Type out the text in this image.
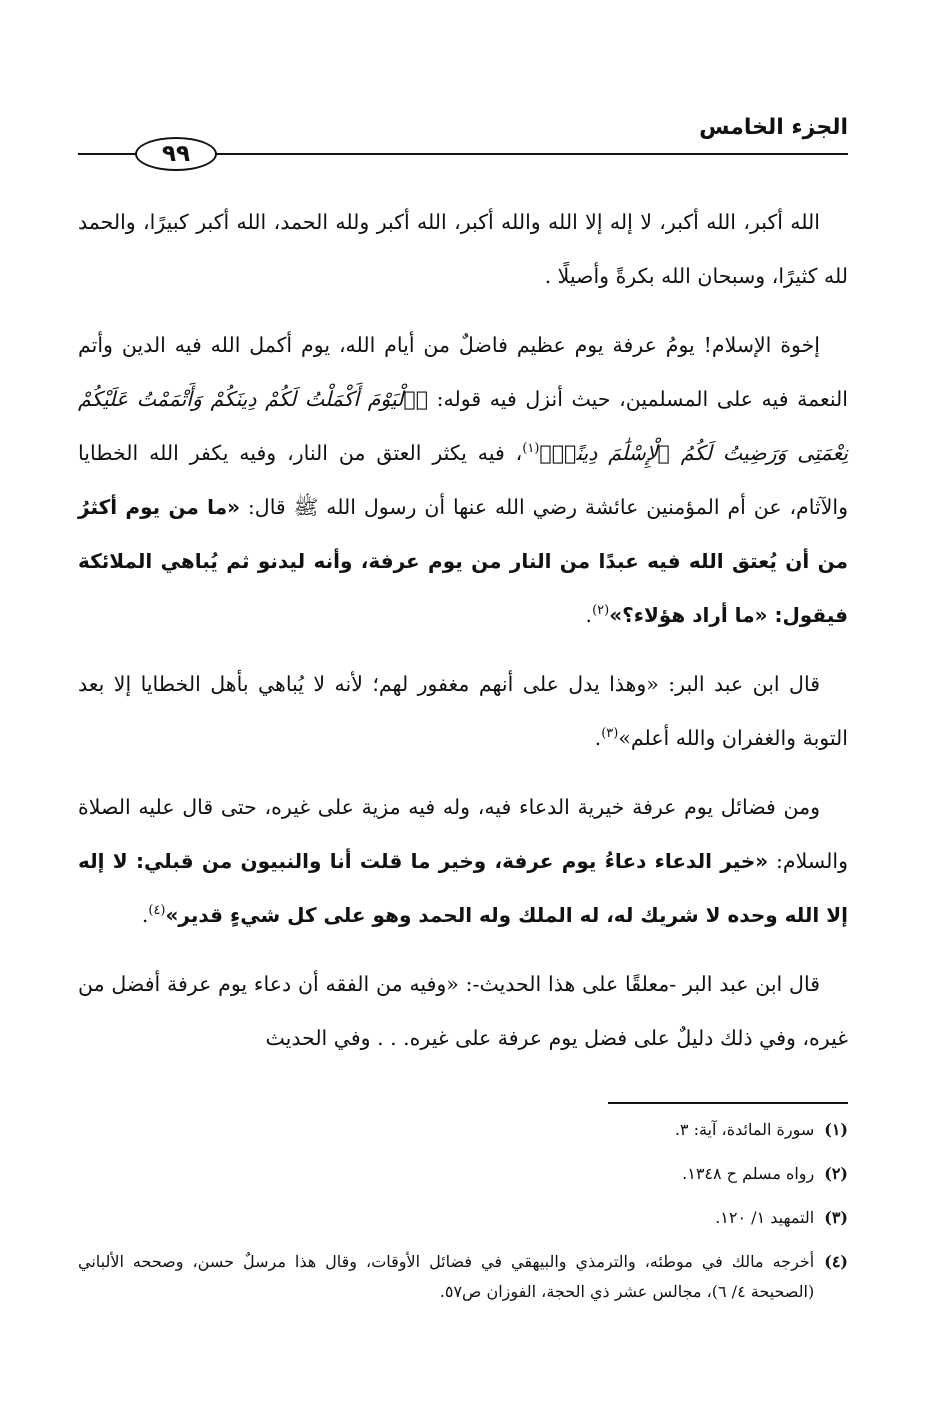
الجزء الخامس
٩٩

الله أكبر، الله أكبر، لا إله إلا الله والله أكبر، الله أكبر ولله الحمد، الله أكبر كبيرًا، والحمد لله كثيرًا، وسبحان الله بكرةً وأصيلًا .

إخوة الإسلام! يومُ عرفة يوم عظيم فاضلٌ من أيام الله، يوم أكمل الله فيه الدين وأتم النعمة فيه على المسلمين، حيث أنزل فيه قوله: ﴿ٱلْيَوْمَ أَكْمَلْتُ لَكُمْ دِينَكُمْ وَأَتْمَمْتُ عَلَيْكُمْ نِعْمَتِى وَرَضِيتُ لَكُمُ ٱلْإِسْلَٰمَ دِينًاۚ﴾$^{(١)}$، فيه يكثر العتق من النار، وفيه يكفر الله الخطايا والآثام، عن أم المؤمنين عائشة رضي الله عنها أن رسول الله ﷺ قال: «ما من يوم أكثرُ من أن يُعتق الله فيه عبدًا من النار من يوم عرفة، وأنه ليدنو ثم يُباهي الملائكة فيقول: «ما أراد هؤلاء؟»$^{(٢)}$.

قال ابن عبد البر: «وهذا يدل على أنهم مغفور لهم؛ لأنه لا يُباهي بأهل الخطايا إلا بعد التوبة والغفران والله أعلم»$^{(٣)}$.

ومن فضائل يوم عرفة خيرية الدعاء فيه، وله فيه مزية على غيره، حتى قال عليه الصلاة والسلام: «خير الدعاء دعاءُ يوم عرفة، وخير ما قلت أنا والنبيون من قبلي: لا إله إلا الله وحده لا شريك له، له الملك وله الحمد وهو على كل شيءٍ قدير»$^{(٤)}$.

قال ابن عبد البر -معلقًا على هذا الحديث-: «وفيه من الفقه أن دعاء يوم عرفة أفضل من غيره، وفي ذلك دليلٌ على فضل يوم عرفة على غيره. . . وفي الحديث

(١)
سورة المائدة، آية: ٣.
(٢)
رواه مسلم ح ١٣٤٨.
(٣)
التمهيد ١/ ١٢٠.
(٤)
أخرجه مالك في موطئه، والترمذي والبيهقي في فضائل الأوقات، وقال هذا مرسلٌ حسن، وصححه الألباني (الصحيحة ٤/ ٦)، مجالس عشر ذي الحجة، الفوزان ص٥٧.
